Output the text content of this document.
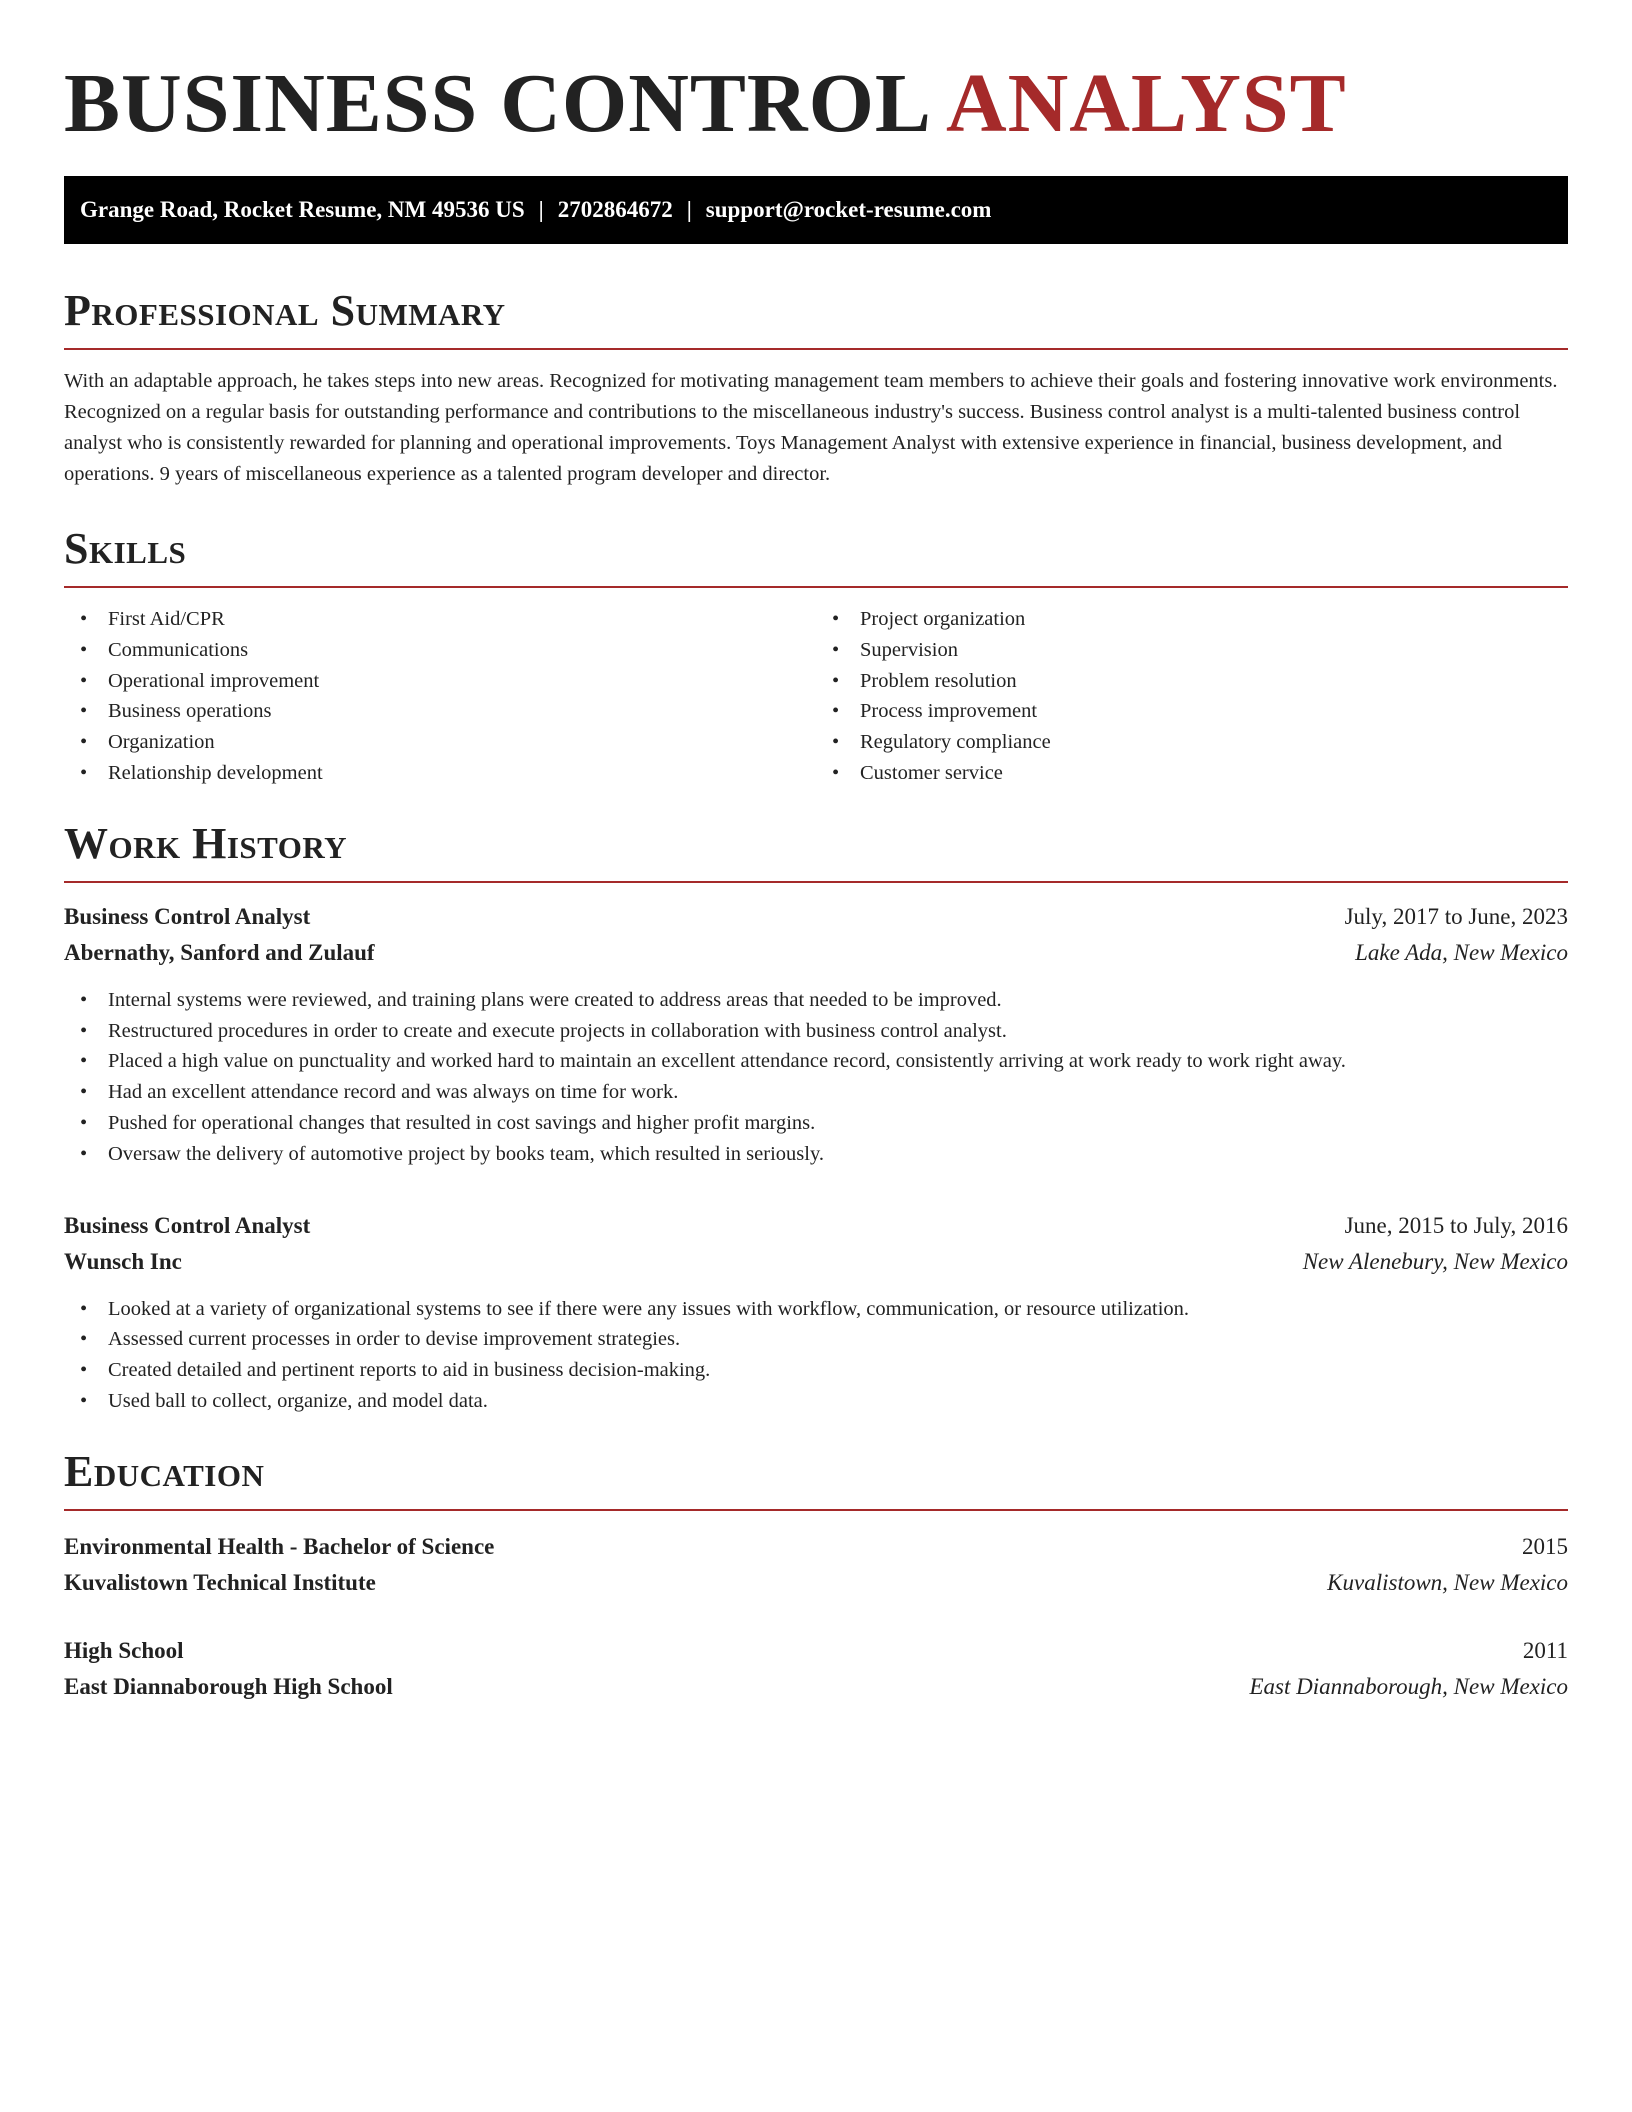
BUSINESS CONTROL ANALYST
Grange Road, Rocket Resume, NM 49536 US | 2702864672 | support@rocket-resume.com
Professional Summary

With an adaptable approach, he takes steps into new areas. Recognized for motivating management team members to achieve their goals and fostering innovative work environments. Recognized on a regular basis for outstanding performance and contributions to the miscellaneous industry's success. Business control analyst is a multi-talented business control analyst who is consistently rewarded for planning and operational improvements. Toys Management Analyst with extensive experience in financial, business development, and operations. 9 years of miscellaneous experience as a talented program developer and director.

Skills
• First Aid/CPR
• Communications
• Operational improvement
• Business operations
• Organization
• Relationship development
• Project organization
• Supervision
• Problem resolution
• Process improvement
• Regulatory compliance
• Customer service
Work History
Business Control Analyst	July, 2017 to June, 2023
Abernathy, Sanford and Zulauf	Lake Ada, New Mexico
• Internal systems were reviewed, and training plans were created to address areas that needed to be improved.
• Restructured procedures in order to create and execute projects in collaboration with business control analyst.
• Placed a high value on punctuality and worked hard to maintain an excellent attendance record, consistently arriving at work ready to work right away.
• Had an excellent attendance record and was always on time for work.
• Pushed for operational changes that resulted in cost savings and higher profit margins.
• Oversaw the delivery of automotive project by books team, which resulted in seriously.
Business Control Analyst	June, 2015 to July, 2016
Wunsch Inc	New Alenebury, New Mexico
• Looked at a variety of organizational systems to see if there were any issues with workflow, communication, or resource utilization.
• Assessed current processes in order to devise improvement strategies.
• Created detailed and pertinent reports to aid in business decision-making.
• Used ball to collect, organize, and model data.
Education
Environmental Health - Bachelor of Science	2015
Kuvalistown Technical Institute	Kuvalistown, New Mexico
High School	2011
East Diannaborough High School	East Diannaborough, New Mexico
